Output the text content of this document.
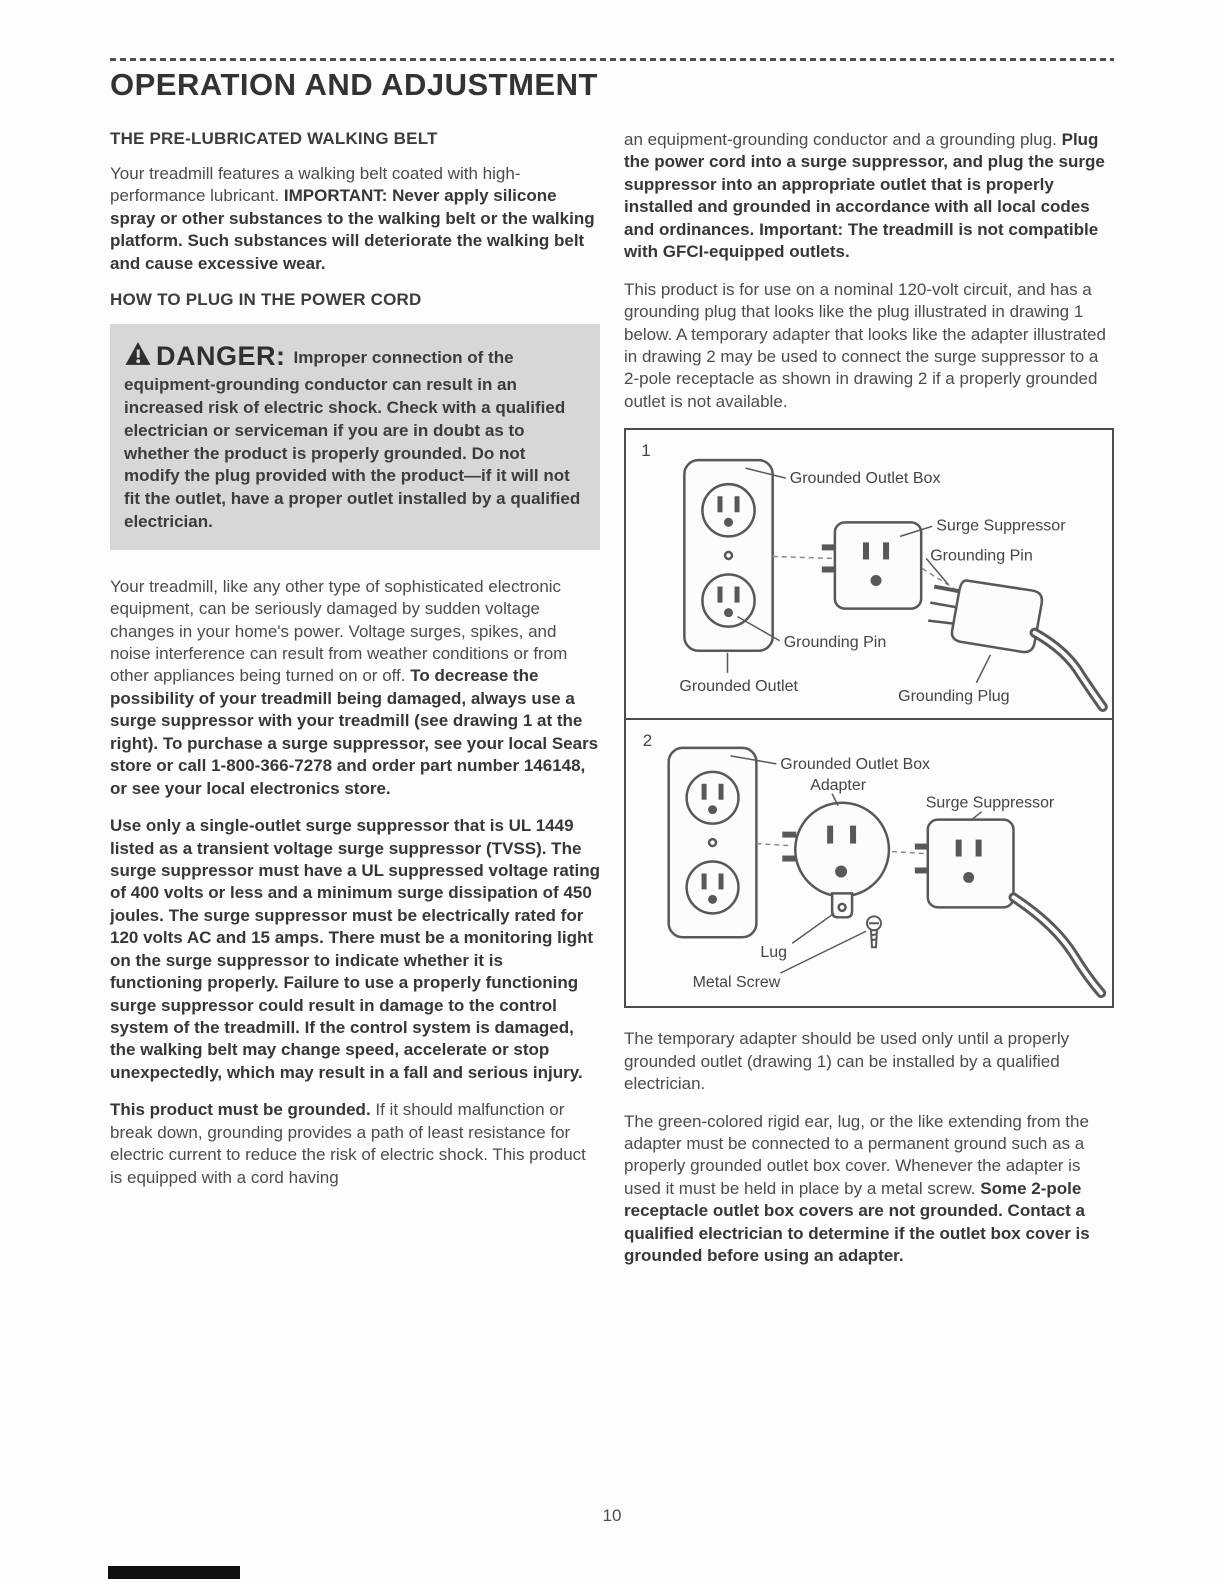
OPERATION AND ADJUSTMENT
THE PRE-LUBRICATED WALKING BELT

Your treadmill features a walking belt coated with high-performance lubricant. IMPORTANT: Never apply silicone spray or other substances to the walking belt or the walking platform. Such substances will deteriorate the walking belt and cause excessive wear.

HOW TO PLUG IN THE POWER CORD
DANGER: Improper connection of the equipment-grounding conductor can result in an increased risk of electric shock. Check with a qualified electrician or serviceman if you are in doubt as to whether the product is properly grounded. Do not modify the plug provided with the product—if it will not fit the outlet, have a proper outlet installed by a qualified electrician.

Your treadmill, like any other type of sophisticated electronic equipment, can be seriously damaged by sudden voltage changes in your home's power. Voltage surges, spikes, and noise interference can result from weather conditions or from other appliances being turned on or off. To decrease the possibility of your treadmill being damaged, always use a surge suppressor with your treadmill (see drawing 1 at the right). To purchase a surge suppressor, see your local Sears store or call 1-800-366-7278 and order part number 146148, or see your local electronics store.

Use only a single-outlet surge suppressor that is UL 1449 listed as a transient voltage surge suppressor (TVSS). The surge suppressor must have a UL suppressed voltage rating of 400 volts or less and a minimum surge dissipation of 450 joules. The surge suppressor must be electrically rated for 120 volts AC and 15 amps. There must be a monitoring light on the surge suppressor to indicate whether it is functioning properly. Failure to use a properly functioning surge suppressor could result in damage to the control system of the treadmill. If the control system is damaged, the walking belt may change speed, accelerate or stop unexpectedly, which may result in a fall and serious injury.

This product must be grounded. If it should malfunction or break down, grounding provides a path of least resistance for electric current to reduce the risk of electric shock. This product is equipped with a cord having

an equipment-grounding conductor and a grounding plug. Plug the power cord into a surge suppressor, and plug the surge suppressor into an appropriate outlet that is properly installed and grounded in accordance with all local codes and ordinances. Important: The treadmill is not compatible with GFCI-equipped outlets.

This product is for use on a nominal 120-volt circuit, and has a grounding plug that looks like the plug illustrated in drawing 1 below. A temporary adapter that looks like the adapter illustrated in drawing 2 may be used to connect the surge suppressor to a 2-pole receptacle as shown in drawing 2 if a properly grounded outlet is not available.

1
Grounded Outlet Box
Surge Suppressor
Grounding Pin
Grounding Pin
Grounded Outlet
Grounding Plug
2
Grounded Outlet Box
Adapter
Surge Suppressor
Lug
Metal Screw

The temporary adapter should be used only until a properly grounded outlet (drawing 1) can be installed by a qualified electrician.

The green-colored rigid ear, lug, or the like extending from the adapter must be connected to a permanent ground such as a properly grounded outlet box cover. Whenever the adapter is used it must be held in place by a metal screw. Some 2-pole receptacle outlet box covers are not grounded. Contact a qualified electrician to determine if the outlet box cover is grounded before using an adapter.

10
